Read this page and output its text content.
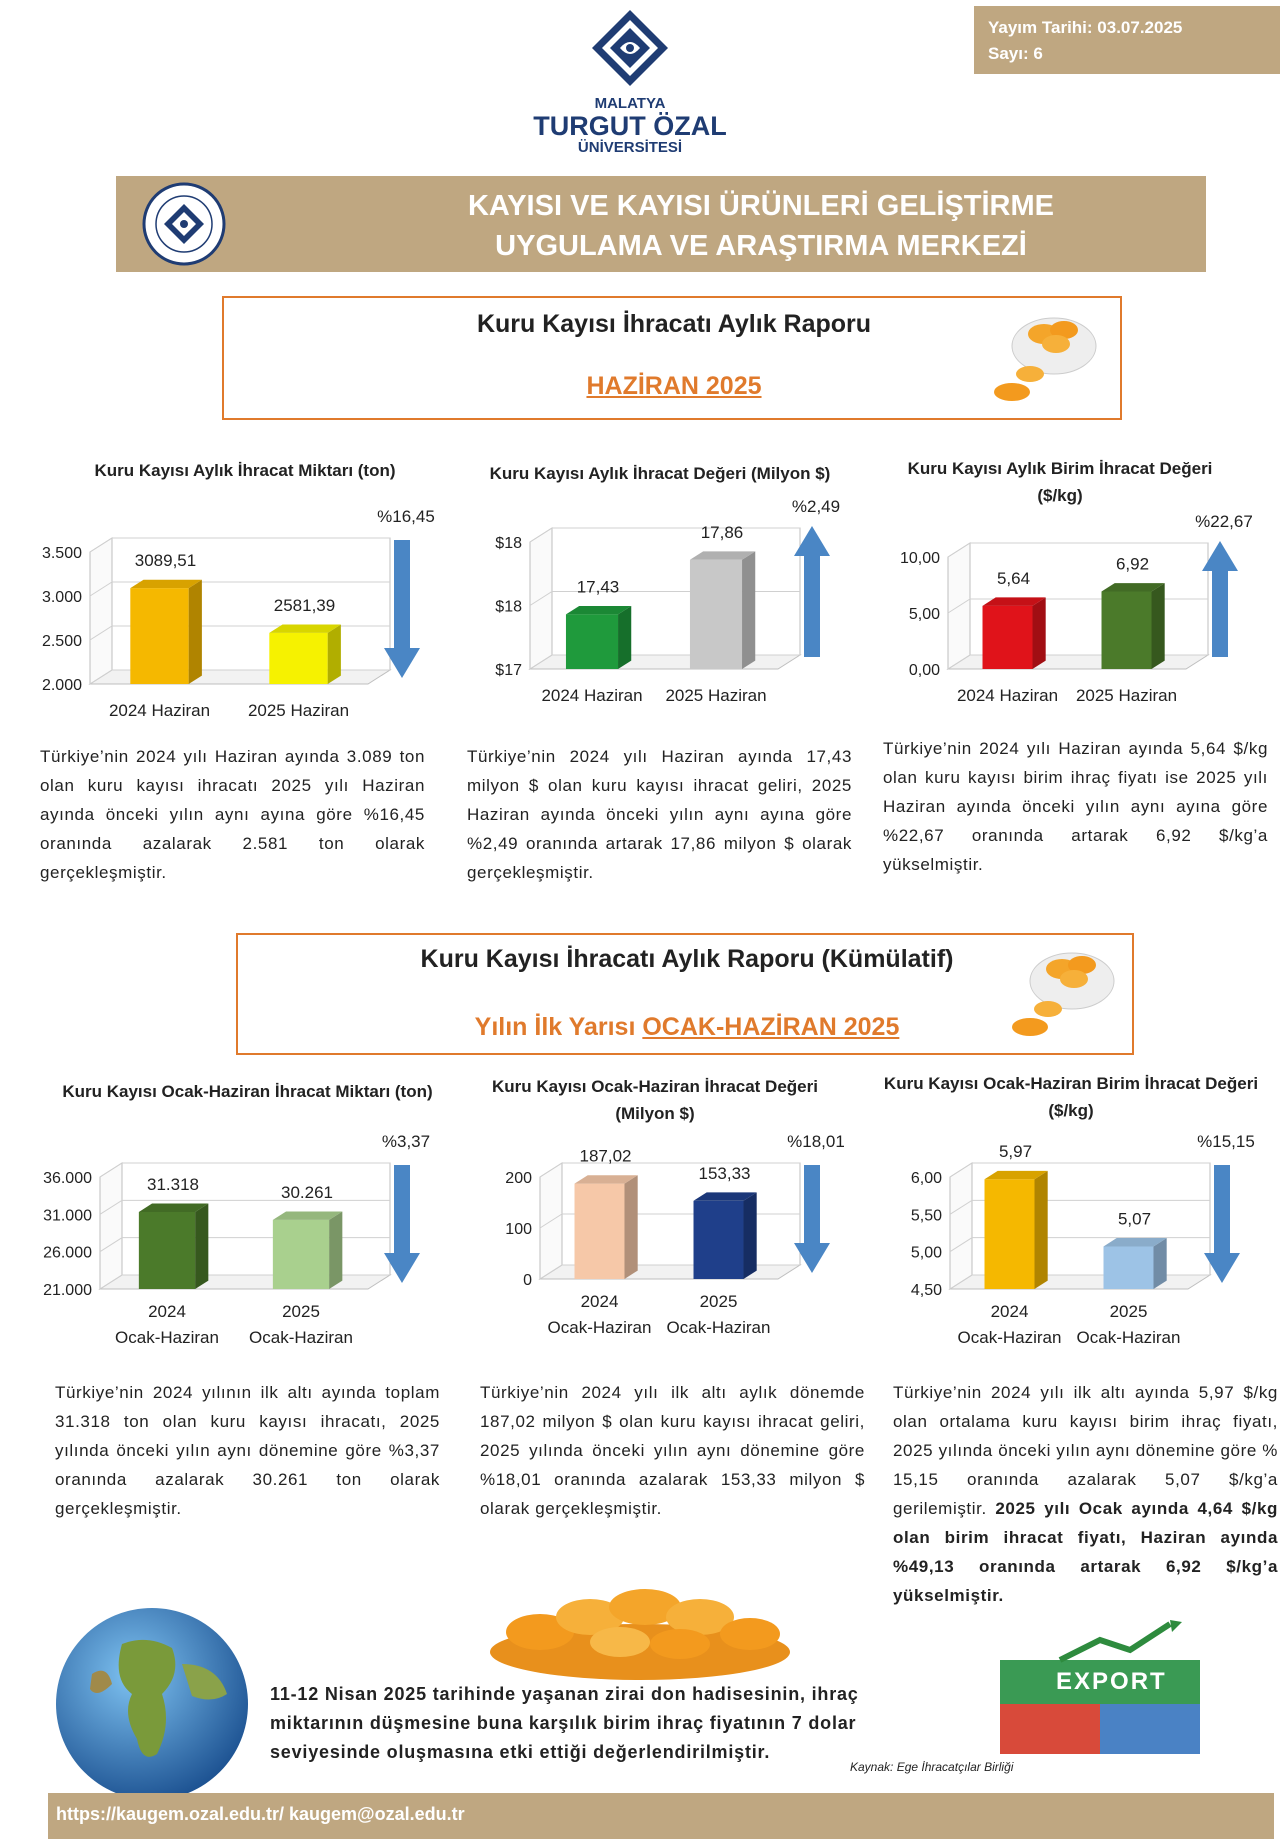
MALATYA
TURGUT ÖZAL
ÜNİVERSİTESİ
Yayım Tarihi: 03.07.2025
Sayı: 6
KAYISI VE KAYISI ÜRÜNLERİ GELİŞTİRME
UYGULAMA VE ARAŞTIRMA MERKEZİ
Kuru Kayısı İhracatı Aylık Raporu
HAZİRAN 2025
Kuru Kayısı Aylık İhracat Miktarı (ton)
2.000
2.500
3.000
3.500	3089,51
2024 Haziran
2581,39
2025 Haziran
%16,45
Kuru Kayısı Aylık İhracat Değeri (Milyon $)
$17
$18
$18
17,43
2024 Haziran
17,86
2025 Haziran
%2,49
Kuru Kayısı Aylık Birim İhracat Değeri ($/kg)
0,00
5,00
10,00
5,64
2024 Haziran
6,92
2025 Haziran
%22,67

Türkiye’nin 2024 yılı Haziran ayında 3.089 ton olan kuru kayısı ihracatı 2025 yılı Haziran ayında önceki yılın aynı ayına göre %16,45 oranında azalarak 2.581 ton olarak gerçekleşmiştir.

Türkiye’nin 2024 yılı Haziran ayında 17,43 milyon $ olan kuru kayısı ihracat geliri, 2025 Haziran ayında önceki yılın aynı ayına göre %2,49 oranında artarak 17,86 milyon $ olarak gerçekleşmiştir.

Türkiye’nin 2024 yılı Haziran ayında 5,64 $/kg olan kuru kayısı birim ihraç fiyatı ise 2025 yılı Haziran ayında önceki yılın aynı ayına göre %22,67 oranında artarak 6,92 $/kg’a yükselmiştir.

Kuru Kayısı İhracatı Aylık Raporu (Kümülatif)
Yılın İlk Yarısı OCAK-HAZİRAN 2025
Kuru Kayısı Ocak-Haziran İhracat Miktarı (ton)
21.000
26.000
31.000
36.000	31.318
2024
Ocak-Haziran
30.261
2025
Ocak-Haziran
%3,37
Kuru Kayısı Ocak-Haziran İhracat Değeri (Milyon $)
0
100
200
187,02
2024
Ocak-Haziran
153,33
2025
Ocak-Haziran
%18,01
Kuru Kayısı Ocak-Haziran Birim İhracat Değeri ($/kg)
4,50
5,00
5,50
6,00
5,97
2024
Ocak-Haziran
5,07
2025
Ocak-Haziran
%15,15

Türkiye’nin 2024 yılının ilk altı ayında toplam 31.318 ton olan kuru kayısı ihracatı, 2025 yılında önceki yılın aynı dönemine göre %3,37 oranında azalarak 30.261 ton olarak gerçekleşmiştir.

Türkiye’nin 2024 yılı ilk altı aylık dönemde 187,02 milyon $ olan kuru kayısı ihracat geliri, 2025 yılında önceki yılın aynı dönemine göre %18,01 oranında azalarak 153,33 milyon $ olarak gerçekleşmiştir.

Türkiye’nin 2024 yılı ilk altı ayında 5,97 $/kg olan ortalama kuru kayısı birim ihraç fiyatı, 2025 yılında önceki yılın aynı dönemine göre % 15,15 oranında azalarak 5,07 $/kg’a gerilemiştir. 2025 yılı Ocak ayında 4,64 $/kg olan birim ihracat fiyatı, Haziran ayında %49,13 oranında artarak 6,92 $/kg’a yükselmiştir.

11-12 Nisan 2025 tarihinde yaşanan zirai don hadisesinin, ihraç miktarının düşmesine buna karşılık birim ihraç fiyatının 7 dolar seviyesinde oluşmasına etki ettiği değerlendirilmiştir.
EXPORT
Kaynak: Ege İhracatçılar Birliği
https://kaugem.ozal.edu.tr/ kaugem@ozal.edu.tr
